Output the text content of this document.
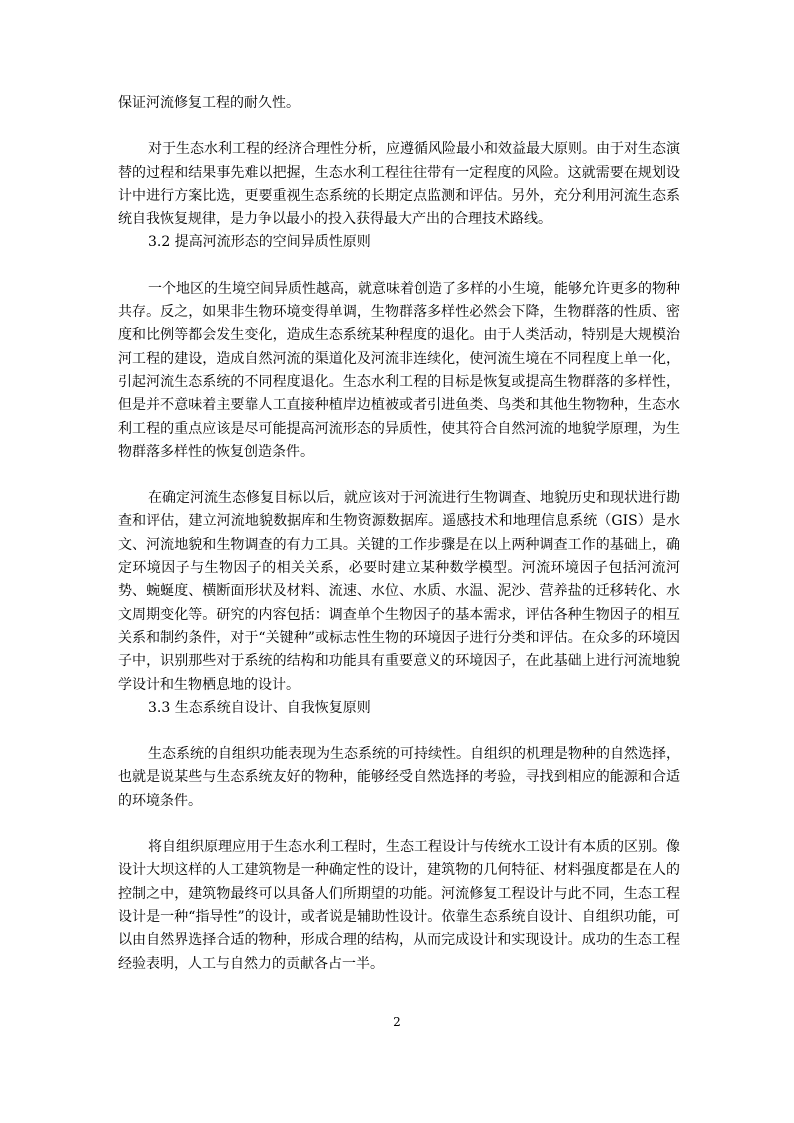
保证河流修复工程的耐久性。

对于生态水利工程的经济合理性分析，应遵循风险最小和效益最大原则。由于对生态演替的过程和结果事先难以把握，生态水利工程往往带有一定程度的风险。这就需要在规划设计中进行方案比选，更要重视生态系统的长期定点监测和评估。另外，充分利用河流生态系统自我恢复规律，是力争以最小的投入获得最大产出的合理技术路线。

3.2 提高河流形态的空间异质性原则

一个地区的生境空间异质性越高，就意味着创造了多样的小生境，能够允许更多的物种共存。反之，如果非生物环境变得单调，生物群落多样性必然会下降，生物群落的性质、密度和比例等都会发生变化，造成生态系统某种程度的退化。由于人类活动，特别是大规模治河工程的建设，造成自然河流的渠道化及河流非连续化，使河流生境在不同程度上单一化，引起河流生态系统的不同程度退化。生态水利工程的目标是恢复或提高生物群落的多样性，但是并不意味着主要靠人工直接种植岸边植被或者引进鱼类、鸟类和其他生物物种，生态水利工程的重点应该是尽可能提高河流形态的异质性，使其符合自然河流的地貌学原理，为生物群落多样性的恢复创造条件。

在确定河流生态修复目标以后，就应该对于河流进行生物调查、地貌历史和现状进行勘查和评估，建立河流地貌数据库和生物资源数据库。遥感技术和地理信息系统（GIS）是水文、河流地貌和生物调查的有力工具。关键的工作步骤是在以上两种调查工作的基础上，确定环境因子与生物因子的相关关系，必要时建立某种数学模型。河流环境因子包括河流河势、蜿蜒度、横断面形状及材料、流速、水位、水质、水温、泥沙、营养盐的迁移转化、水文周期变化等。研究的内容包括：调查单个生物因子的基本需求，评估各种生物因子的相互关系和制约条件，对于“关键种”或标志性生物的环境因子进行分类和评估。在众多的环境因子中，识别那些对于系统的结构和功能具有重要意义的环境因子，在此基础上进行河流地貌学设计和生物栖息地的设计。

3.3 生态系统自设计、自我恢复原则

生态系统的自组织功能表现为生态系统的可持续性。自组织的机理是物种的自然选择，也就是说某些与生态系统友好的物种，能够经受自然选择的考验，寻找到相应的能源和合适的环境条件。

将自组织原理应用于生态水利工程时，生态工程设计与传统水工设计有本质的区别。像设计大坝这样的人工建筑物是一种确定性的设计，建筑物的几何特征、材料强度都是在人的控制之中，建筑物最终可以具备人们所期望的功能。河流修复工程设计与此不同，生态工程设计是一种“指导性”的设计，或者说是辅助性设计。依靠生态系统自设计、自组织功能，可以由自然界选择合适的物种，形成合理的结构，从而完成设计和实现设计。成功的生态工程经验表明，人工与自然力的贡献各占一半。

2
